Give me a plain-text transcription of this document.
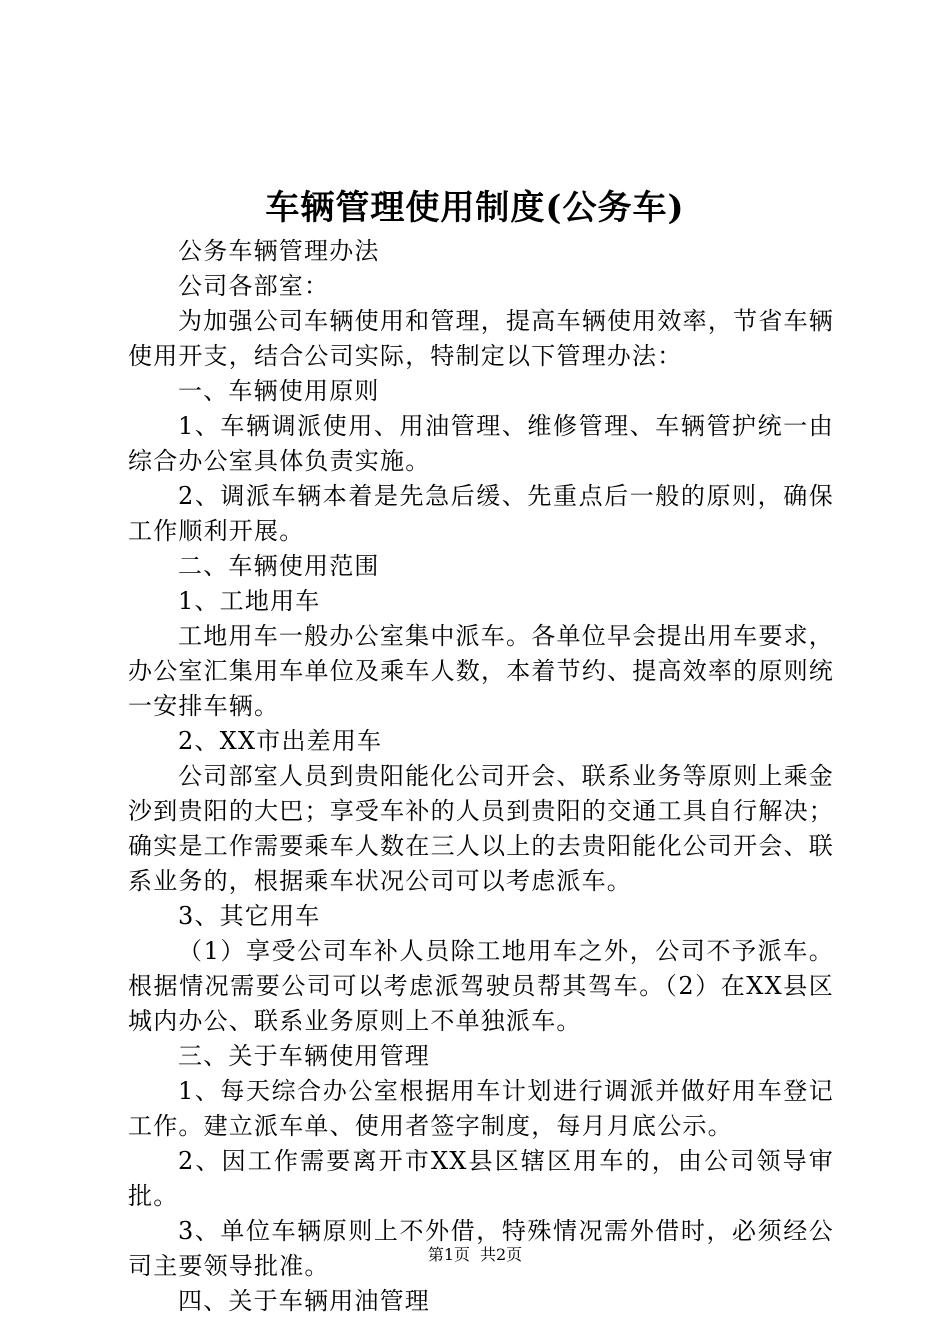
车辆管理使用制度(公务车)

公务车辆管理办法

公司各部室：

为加强公司车辆使用和管理，提高车辆使用效率，节省车辆使用开支，结合公司实际，特制定以下管理办法：

一、车辆使用原则

1、车辆调派使用、用油管理、维修管理、车辆管护统一由综合办公室具体负责实施。

2、调派车辆本着是先急后缓、先重点后一般的原则，确保工作顺利开展。

二、车辆使用范围

1、工地用车

工地用车一般办公室集中派车。各单位早会提出用车要求，办公室汇集用车单位及乘车人数，本着节约、提高效率的原则统一安排车辆。

2、XX市出差用车

公司部室人员到贵阳能化公司开会、联系业务等原则上乘金沙到贵阳的大巴；享受车补的人员到贵阳的交通工具自行解决；确实是工作需要乘车人数在三人以上的去贵阳能化公司开会、联系业务的，根据乘车状况公司可以考虑派车。

3、其它用车

（1）享受公司车补人员除工地用车之外，公司不予派车。根据情况需要公司可以考虑派驾驶员帮其驾车。（2）在XX县区城内办公、联系业务原则上不单独派车。

三、关于车辆使用管理

1、每天综合办公室根据用车计划进行调派并做好用车登记工作。建立派车单、使用者签字制度，每月月底公示。

2、因工作需要离开市XX县区辖区用车的，由公司领导审批。

3、单位车辆原则上不外借，特殊情况需外借时，必须经公司主要领导批准。

四、关于车辆用油管理

第1页 共2页
